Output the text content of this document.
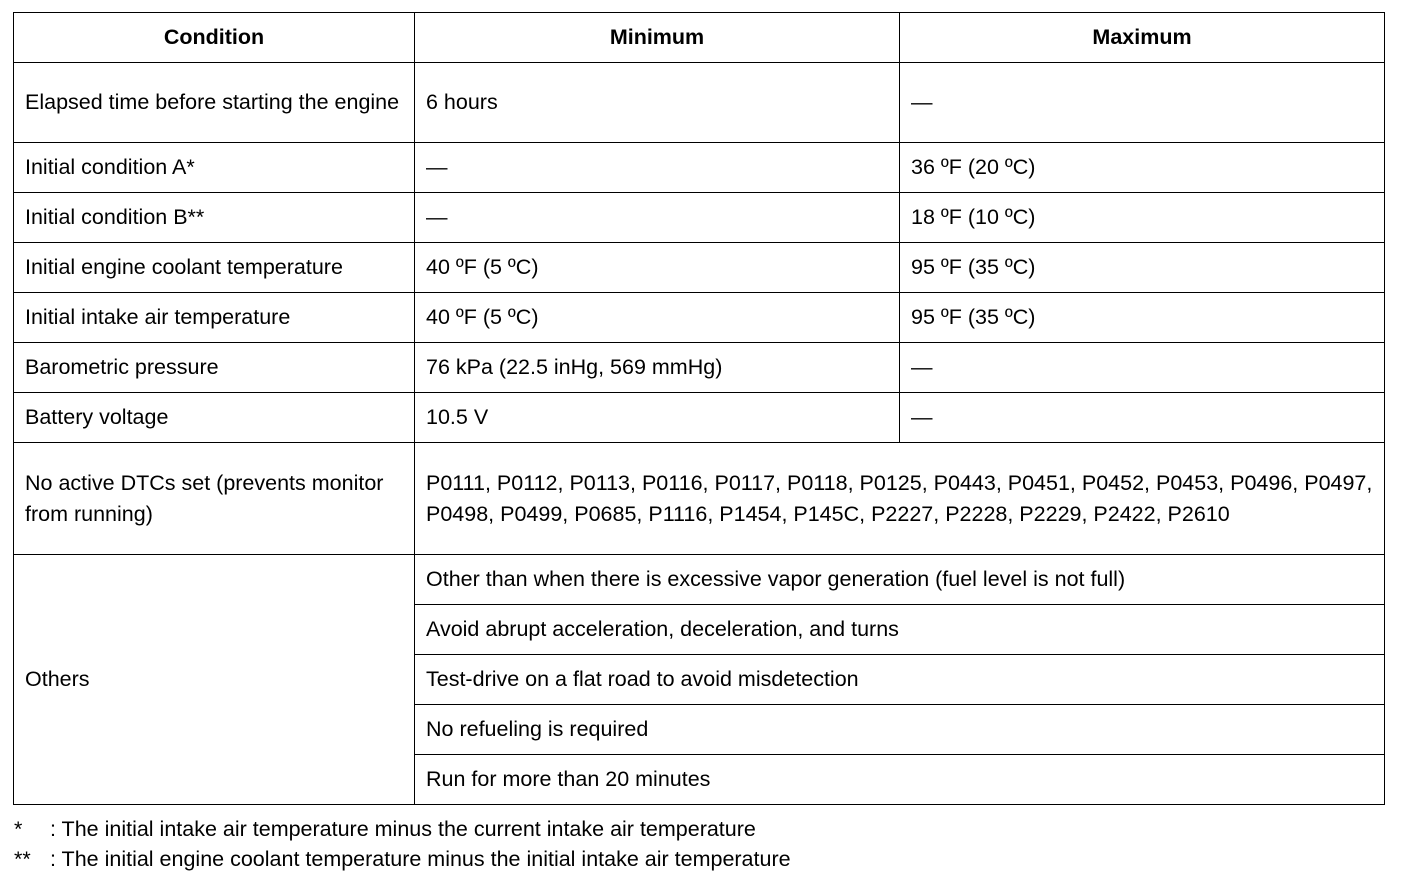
Condition	Minimum	Maximum
Elapsed time before starting the engine	6 hours	—
Initial condition A*	—	36 ºF (20 ºC)
Initial condition B**	—	18 ºF (10 ºC)
Initial engine coolant temperature	40 ºF (5 ºC)	95 ºF (35 ºC)
Initial intake air temperature	40 ºF (5 ºC)	95 ºF (35 ºC)
Barometric pressure	76 kPa (22.5 inHg, 569 mmHg)	—
Battery voltage	10.5 V	—
No active DTCs set (prevents monitor from running)	P0111, P0112, P0113, P0116, P0117, P0118, P0125, P0443, P0451, P0452, P0453, P0496, P0497, P0498, P0499, P0685, P1116, P1454, P145C, P2227, P2228, P2229, P2422, P2610	
Others	Other than when there is excessive vapor generation (fuel level is not full)	
	Avoid abrupt acceleration, deceleration, and turns	
	Test-drive on a flat road to avoid misdetection	
	No refueling is required	
	Run for more than 20 minutes	
* : The initial intake air temperature minus the current intake air temperature
** : The initial engine coolant temperature minus the initial intake air temperature
